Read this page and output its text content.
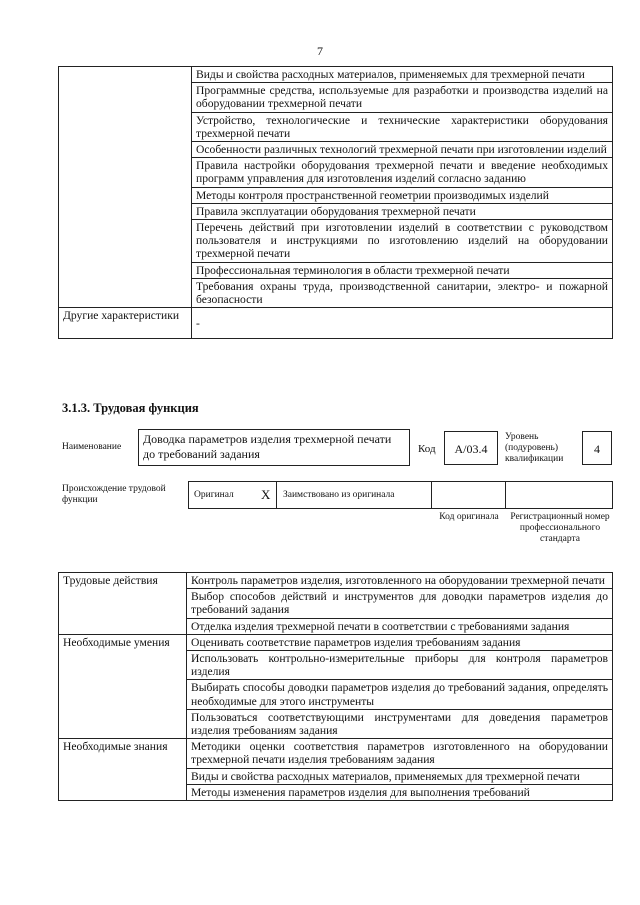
7
	Виды и свойства расходных материалов, применяемых для трехмерной печати
	Программные средства, используемые для разработки и производства изделий на оборудовании трехмерной печати
	Устройство, технологические и технические характеристики оборудования трехмерной печати
	Особенности различных технологий трехмерной печати при изготовлении изделий
	Правила настройки оборудования трехмерной печати и введение необходимых программ управления для изготовления изделий согласно заданию
	Методы контроля пространственной геометрии производимых изделий
	Правила эксплуатации оборудования трехмерной печати
	Перечень действий при изготовлении изделий в соответствии с руководством пользователя и инструкциями по изготовлению изделий на оборудовании трехмерной печати
	Профессиональная терминология в области трехмерной печати
	Требования охраны труда, производственной санитарии, электро- и пожарной безопасности
Другие характеристики	-
3.1.3. Трудовая функция
Наименование
Доводка параметров изделия трехмерной печати до требований задания	Код	A/03.4
Уровень (подуровень) квалификации
4
Происхождение трудовой функции	Оригинал X Заимствовано из оригинала
Код оригинала Регистрационный номер профессионального стандарта
Трудовые действия	Контроль параметров изделия, изготовленного на оборудовании трехмерной печати
	Выбор способов действий и инструментов для доводки параметров изделия до требований задания
	Отделка изделия трехмерной печати в соответствии с требованиями задания
Необходимые умения	Оценивать соответствие параметров изделия требованиям задания
	Использовать контрольно-измерительные приборы для контроля параметров изделия
	Выбирать способы доводки параметров изделия до требований задания, определять необходимые для этого инструменты
	Пользоваться соответствующими инструментами для доведения параметров изделия требованиям задания
Необходимые знания	Методики оценки соответствия параметров изготовленного на оборудовании трехмерной печати изделия требованиям задания
	Виды и свойства расходных материалов, применяемых для трехмерной печати
	Методы изменения параметров изделия для выполнения требований
